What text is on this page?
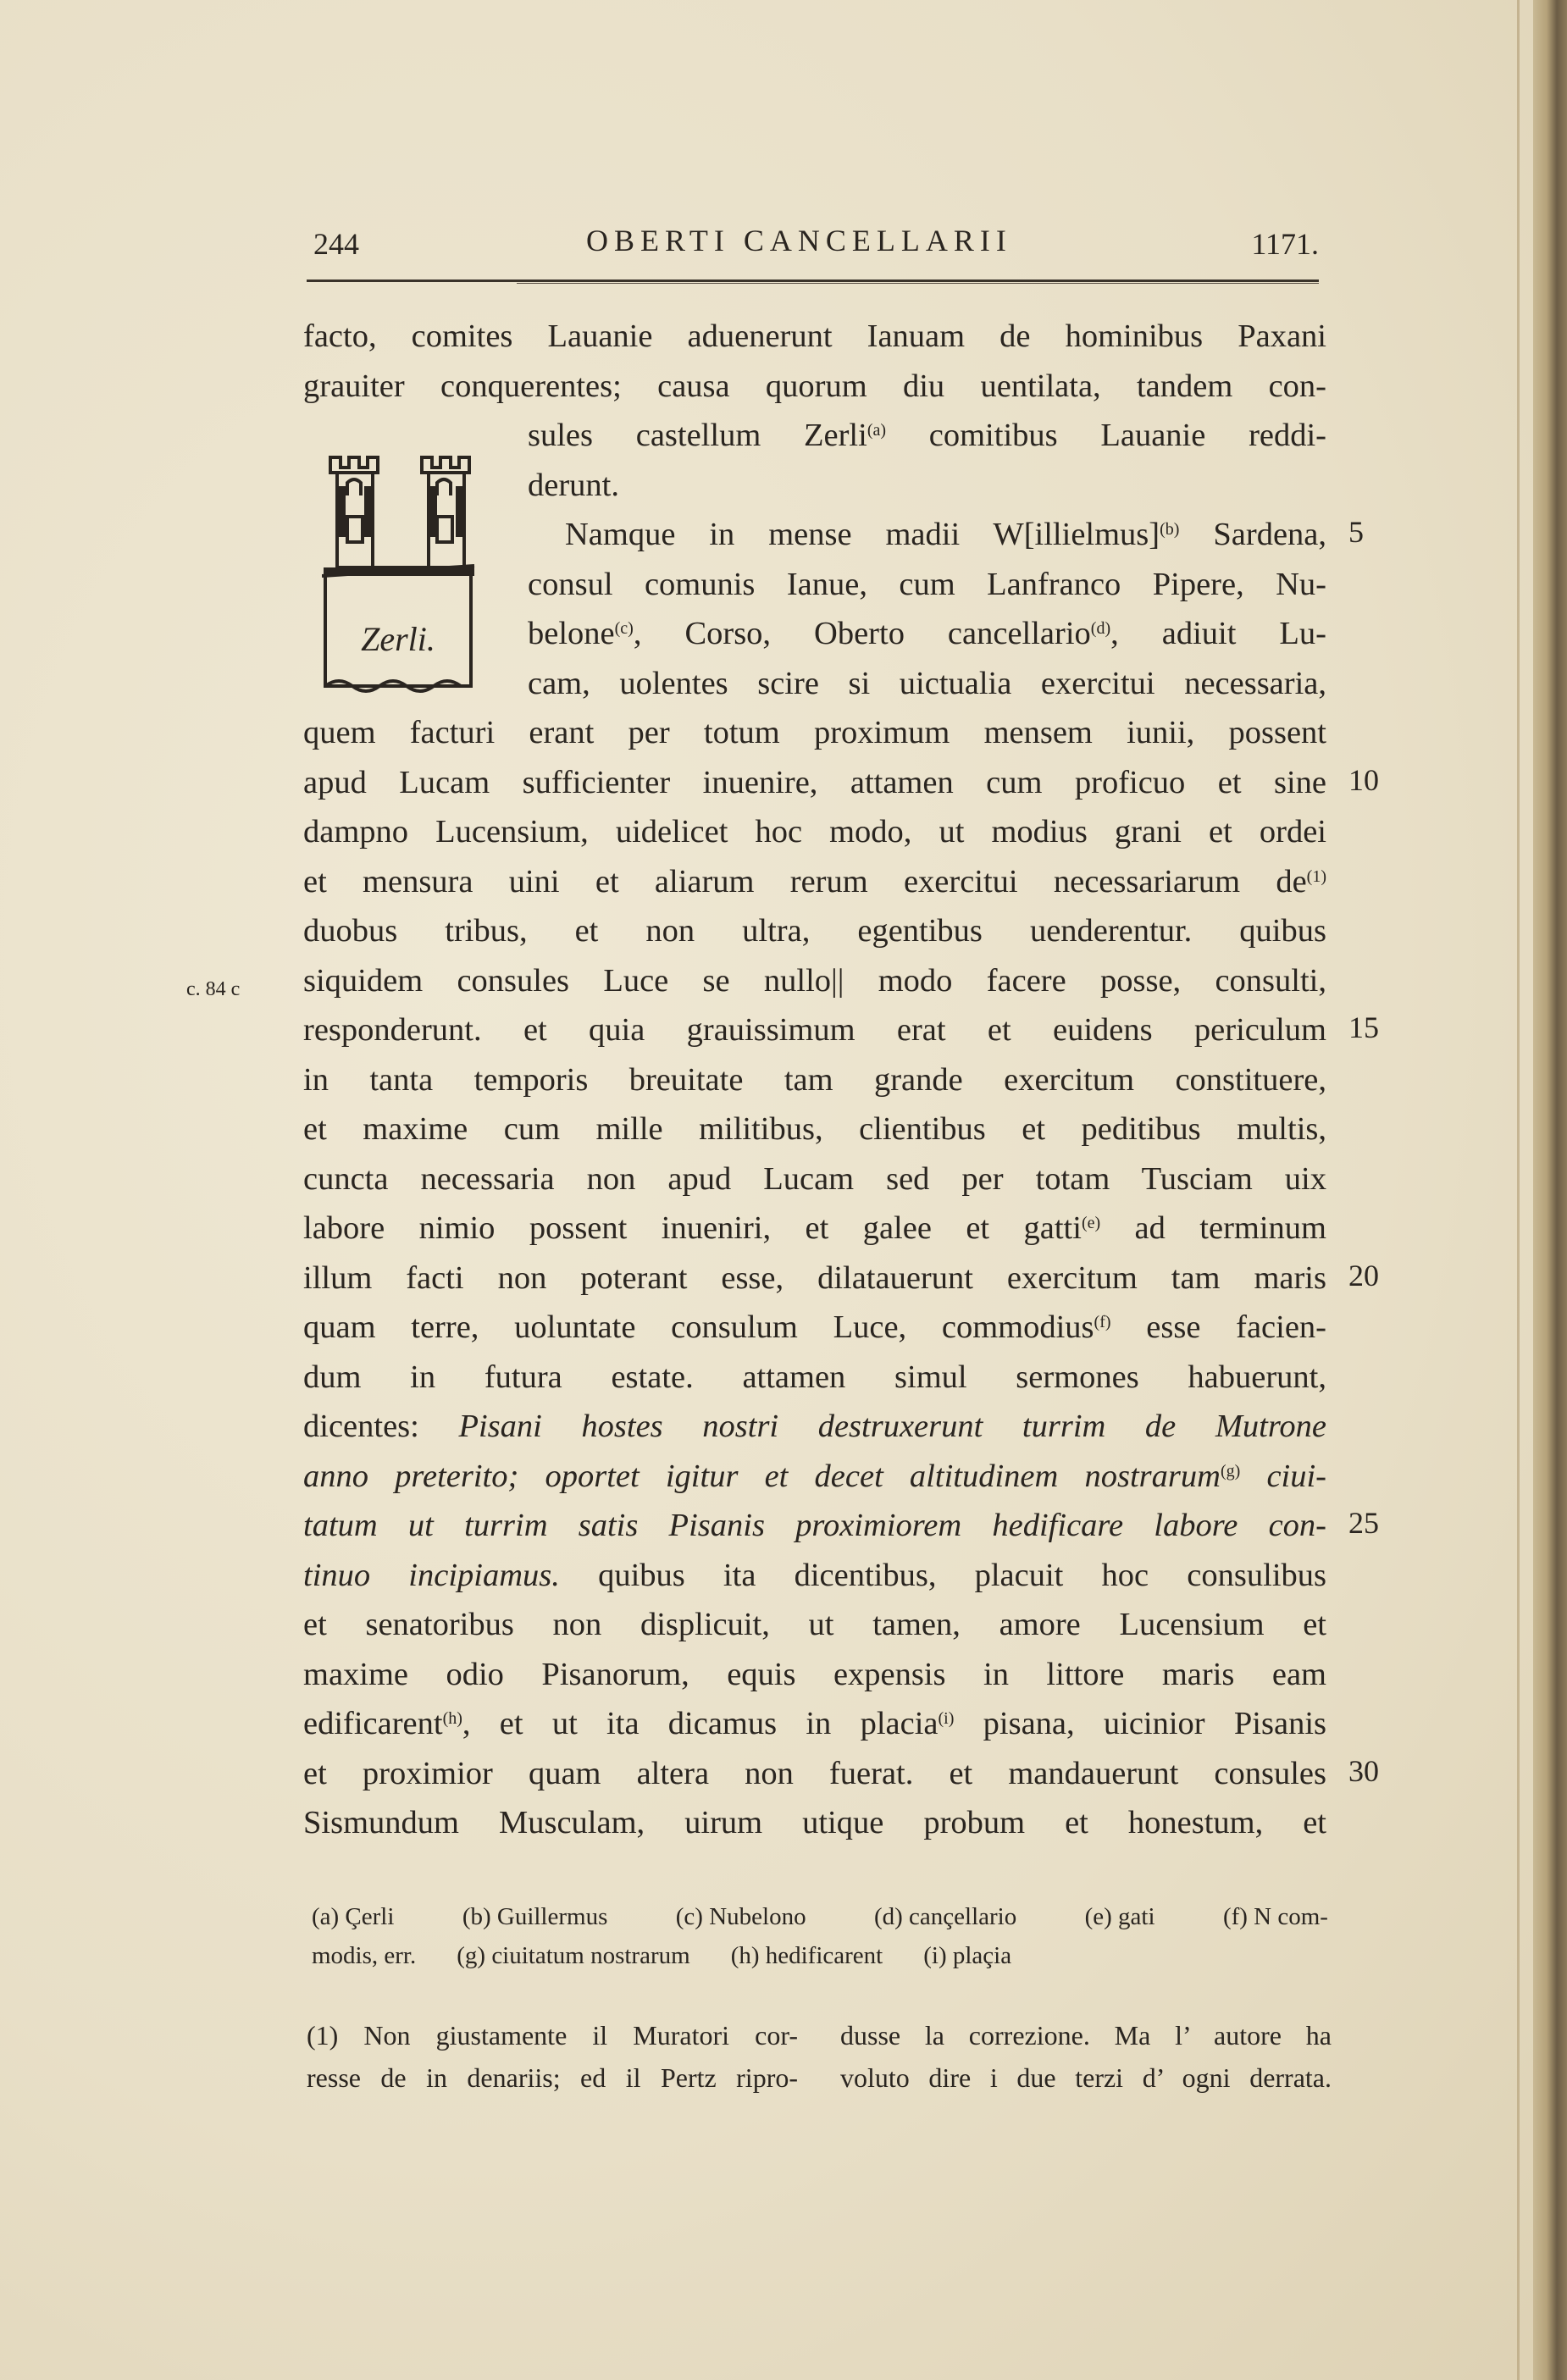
244	OBERTI CANCELLARII	1171.
c. 84 c
Zerli.
facto, comites Lauanie aduenerunt Ianuam de hominibus Paxani
grauiter conquerentes; causa quorum diu uentilata, tandem con-
sules castellum Zerli$^{(a)}$ comitibus Lauanie reddi-
derunt.
Namque in mense madii W[illielmus]$^{(b)}$ Sardena,
consul comunis Ianue, cum Lanfranco Pipere, Nu-
belone$^{(c)}$, Corso, Oberto cancellario$^{(d)}$, adiuit Lu-
cam, uolentes scire si uictualia exercitui necessaria,
quem facturi erant per totum proximum mensem iunii, possent
apud Lucam sufficienter inuenire, attamen cum proficuo et sine
dampno Lucensium, uidelicet hoc modo, ut modius grani et ordei
et mensura uini et aliarum rerum exercitui necessariarum $de^{(1)}$
duobus tribus, et non ultra, egentibus uenderentur. quibus
siquidem consules Luce se nullo|| modo facere posse, consulti,
responderunt. et quia grauissimum erat et euidens periculum
in tanta temporis breuitate tam grande exercitum constituere,
et maxime cum mille militibus, clientibus et peditibus multis,
cuncta necessaria non apud Lucam sed per totam Tusciam uix
labore nimio possent inueniri, et galee et gatti$^{(e)}$ ad terminum
illum facti non poterant esse, dilatauerunt exercitum tam maris
quam terre, uoluntate consulum Luce, commodius$^{(f)}$ esse facien-
dum in futura estate. attamen simul sermones habuerunt,
dicentes: Pisani hostes nostri destruxerunt turrim de Mutrone
anno preterito; oportet igitur et decet altitudinem nostrarum$^{(g)}$ ciui-
tatum ut turrim satis Pisanis proximiorem hedificare labore con-
tinuo incipiamus. quibus ita dicentibus, placuit hoc consulibus
et senatoribus non displicuit, ut tamen, amore Lucensium et
maxime odio Pisanorum, equis expensis in littore maris eam
edificarent$^{(h)}$, et ut ita dicamus in placia$^{(i)}$ pisana, uicinior Pisanis
et proximior quam altera non fuerat. et mandauerunt consules
Sismundum Musculam, uirum utique probum et honestum, et
5
10
15
20
25
30
(a) Çerli	(b) Guillermus	(c) Nubelono	(d) cançellario	(e) gati	(f) N com-
modis, err. (g) ciuitatum nostrarum (h) hedificarent (i) plaçia
(1) Non giustamente il Muratori cor-
resse de in denariis; ed il Pertz ripro-
dusse la correzione. Ma l’ autore ha
voluto dire i due terzi d’ ogni derrata.
